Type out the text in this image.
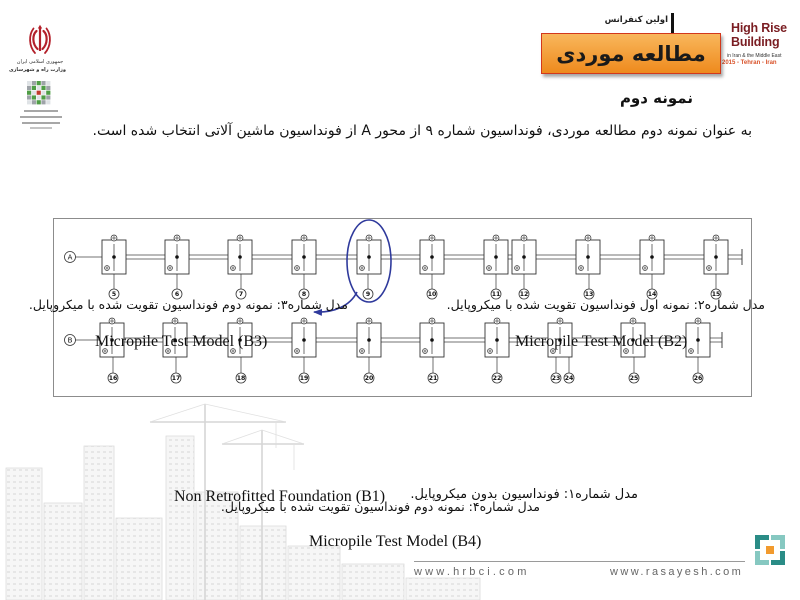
جمهوری اسلامی ایران
وزارت راه و شهرسازی
اولین کنفرانس
High Rise
Building
in Iran & the Middle East
2015 - Tehran - Iran
مطالعه موردی
نمونه دوم
به عنوان نمونه دوم مطالعه موردی، فونداسیون شماره ۹ از محور A از فونداسیون ماشین آلاتی انتخاب شده است.
A
5	6	7	8	9	10	11	12	13	14	15
B
16	17	18	19	20	21	22	23 24	25	26
مدل شماره۲: نمونه اول فونداسیون تقویت شده با میکروپایل.
مدل شماره۳: نمونه دوم فونداسیون تقویت شده با میکروپایل.
Micropile Test Model (B3)	Micropile Test Model (B2)
Non Retrofitted Foundation (B1) مدل شماره۱: فونداسیون بدون میکروپایل.
مدل شماره۴: نمونه دوم فونداسیون تقویت شده با میکروپایل.
Micropile Test Model (B4)
www.hrbci.com	www.rasayesh.com
